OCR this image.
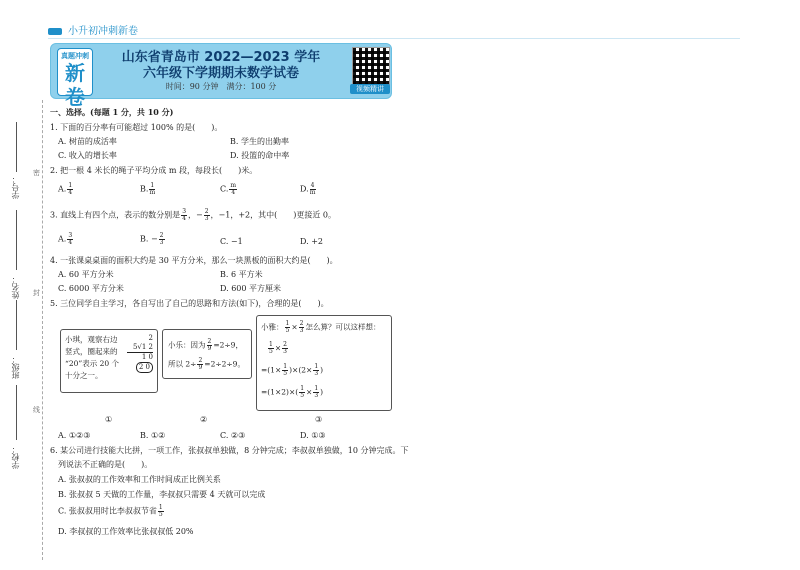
小升初冲刺新卷
真题冲刺
新卷
山东省青岛市 2022—2023 学年
六年级下学期期末数学试卷
时间：90 分钟　满分：100 分	视频精讲
学号：
姓名：
班级：
学校：
密
封
线
一、选择。(每题 1 分，共 10 分)
1. 下面的百分率有可能超过 100% 的是(　　)。
A. 树苗的成活率	B. 学生的出勤率
C. 收入的增长率	D. 投篮的命中率
2. 把一根 4 米长的绳子平均分成 m 段，每段长(　　)米。
A. $\frac{1}{4}$	B. $\frac{1}{m}$	C. $\frac{m}{4}$	D. $\frac{4}{m}$
3. 直线上有四个点，表示的数分别是 $\frac{3}{4}$ ，− $\frac{2}{3}$ ，−1，+2，其中(　　)更接近 0。
A. $\frac{3}{4}$	B. − $\frac{2}{3}$	C. −1	D. +2
4. 一张课桌桌面的面积大约是 30 平方分米，那么一块黑板的面积大约是(　　)。
A. 60 平方分米	B. 6 平方米
C. 6000 平方分米	D. 600 平方厘米
5. 三位同学自主学习，各自写出了自己的思路和方法(如下)，合理的是(　　)。
小琪，观察右边
竖式，圈起来的
“20”表示 20 个
十分之一。
2
5√1 2
1 0
2 0
小乐：因为 $\frac{2}{9} =2\div 9$，
所以 $2\div \frac{2}{9} =2\div 2\div 9$。
小雅： $\frac{1}{5} \times \frac{2}{3}$ 怎么算？可以这样想：
$\frac{1}{5} \times \frac{2}{3}$
$=(1\times \frac{1}{5} )\times(2\times \frac{1}{3}$ )
$=(1\times 2)\times( \frac{1}{5} \times \frac{1}{3}$ )
①	②	③
A. ①②③	B. ①②	C. ②③	D. ①③
6. 某公司进行技能大比拼，一项工作，张叔叔单独做，8 分钟完成；李叔叔单独做，10 分钟完成。下
列说法不正确的是(　　)。
A. 张叔叔的工作效率和工作时间成正比例关系
B. 张叔叔 5 天做的工作量，李叔叔只需要 4 天就可以完成
C. 张叔叔用时比李叔叔节省 $\frac{1}{5}$
D. 李叔叔的工作效率比张叔叔低 20%
